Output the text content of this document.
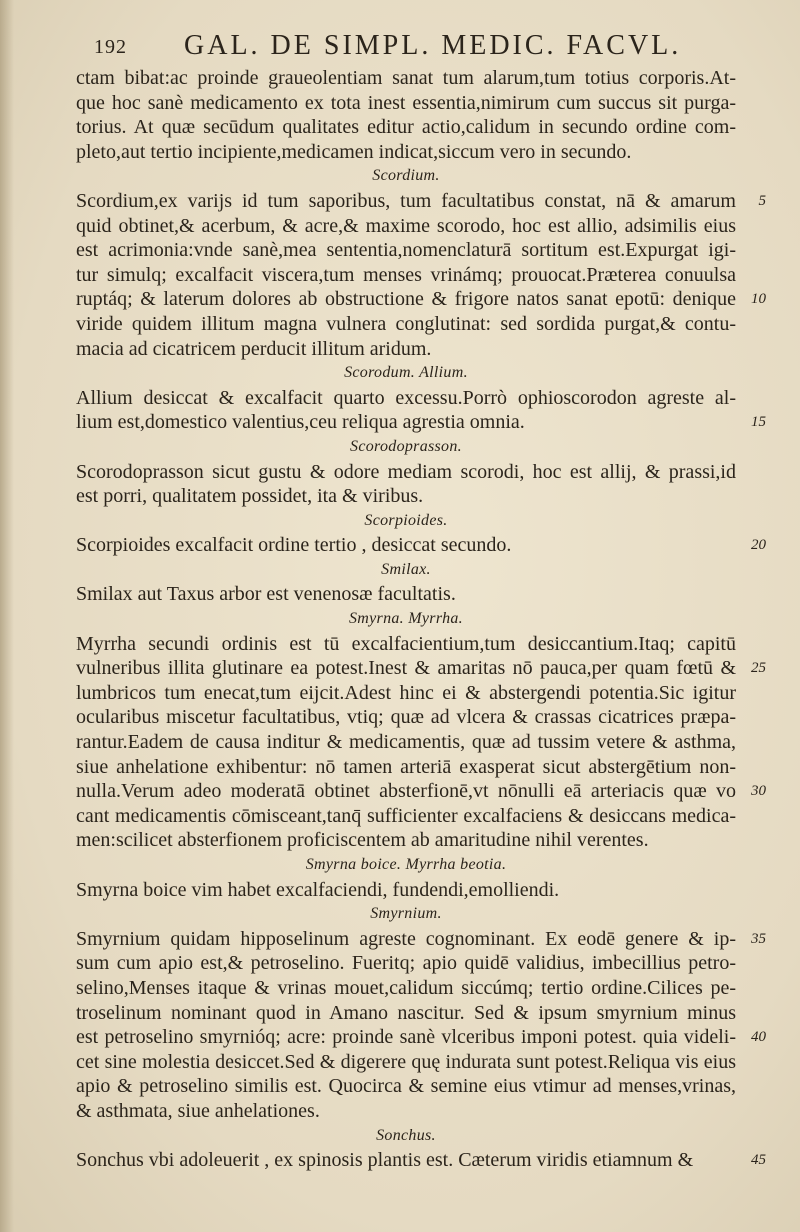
192 GAL. DE SIMPL. MEDIC. FACVL.
ctam bibat:ac proinde graueolentiam sanat tum alarum,tum totius corporis.At-
que hoc sanè medicamento ex tota inest essentia,nimirum cum succus sit purga-
torius. At quæ secūdum qualitates editur actio,calidum in secundo ordine com-
pleto,aut tertio incipiente,medicamen indicat,siccum vero in secundo.
Scordium.
Scordium,ex varijs id tum saporibus, tum facultatibus constat, nā & amarum
quid obtinet,& acerbum, & acre,& maxime scorodo, hoc est allio, adsimilis eius
est acrimonia:vnde sanè,mea sententia,nomenclaturā sortitum est.Expurgat igi-
tur simulq; excalfacit viscera,tum menses vrinámq; prouocat.Præterea conuulsa
ruptáq; & laterum dolores ab obstructione & frigore natos sanat epotū: denique
viride quidem illitum magna vulnera conglutinat: sed sordida purgat,& contu-
macia ad cicatricem perducit illitum aridum.
Scorodum. Allium.
Allium desiccat & excalfacit quarto excessu.Porrò ophioscorodon agreste al-
lium est,domestico valentius,ceu reliqua agrestia omnia.
Scorodoprasson.
Scorodoprasson sicut gustu & odore mediam scorodi, hoc est allij, & prassi,id
est porri, qualitatem possidet, ita & viribus.
Scorpioides.
Scorpioides excalfacit ordine tertio , desiccat secundo.
Smilax.
Smilax aut Taxus arbor est venenosæ facultatis.
Smyrna. Myrrha.
Myrrha secundi ordinis est tū excalfacientium,tum desiccantium.Itaq; capitū
vulneribus illita glutinare ea potest.Inest & amaritas nō pauca,per quam fœtū &
lumbricos tum enecat,tum eijcit.Adest hinc ei & abstergendi potentia.Sic igitur
ocularibus miscetur facultatibus, vtiq; quæ ad vlcera & crassas cicatrices præpa-
rantur.Eadem de causa inditur & medicamentis, quæ ad tussim vetere & asthma,
siue anhelatione exhibentur: nō tamen arteriā exasperat sicut abstergētium non-
nulla.Verum adeo moderatā obtinet absterfionē,vt nōnulli eā arteriacis quæ vo
cant medicamentis cōmisceant,tanq̄ sufficienter excalfaciens & desiccans medica-
men:scilicet absterfionem proficiscentem ab amaritudine nihil verentes.
Smyrna boice. Myrrha beotia.
Smyrna boice vim habet excalfaciendi, fundendi,emolliendi.
Smyrnium.
Smyrnium quidam hipposelinum agreste cognominant. Ex eodē genere & ip-
sum cum apio est,& petroselino. Fueritq; apio quidē validius, imbecillius petro-
selino,Menses itaque & vrinas mouet,calidum siccúmq; tertio ordine.Cilices pe-
troselinum nominant quod in Amano nascitur. Sed & ipsum smyrnium minus
est petroselino smyrnióq; acre: proinde sanè vlceribus imponi potest. quia videli-
cet sine molestia desiccet.Sed & digerere quę indurata sunt potest.Reliqua vis eius
apio & petroselino similis est. Quocirca & semine eius vtimur ad menses,vrinas,
& asthmata, siue anhelationes.
Sonchus.
Sonchus vbi adoleuerit , ex spinosis plantis est. Cæterum viridis etiamnum &
5
10
15
20
25
30
35
40
45
